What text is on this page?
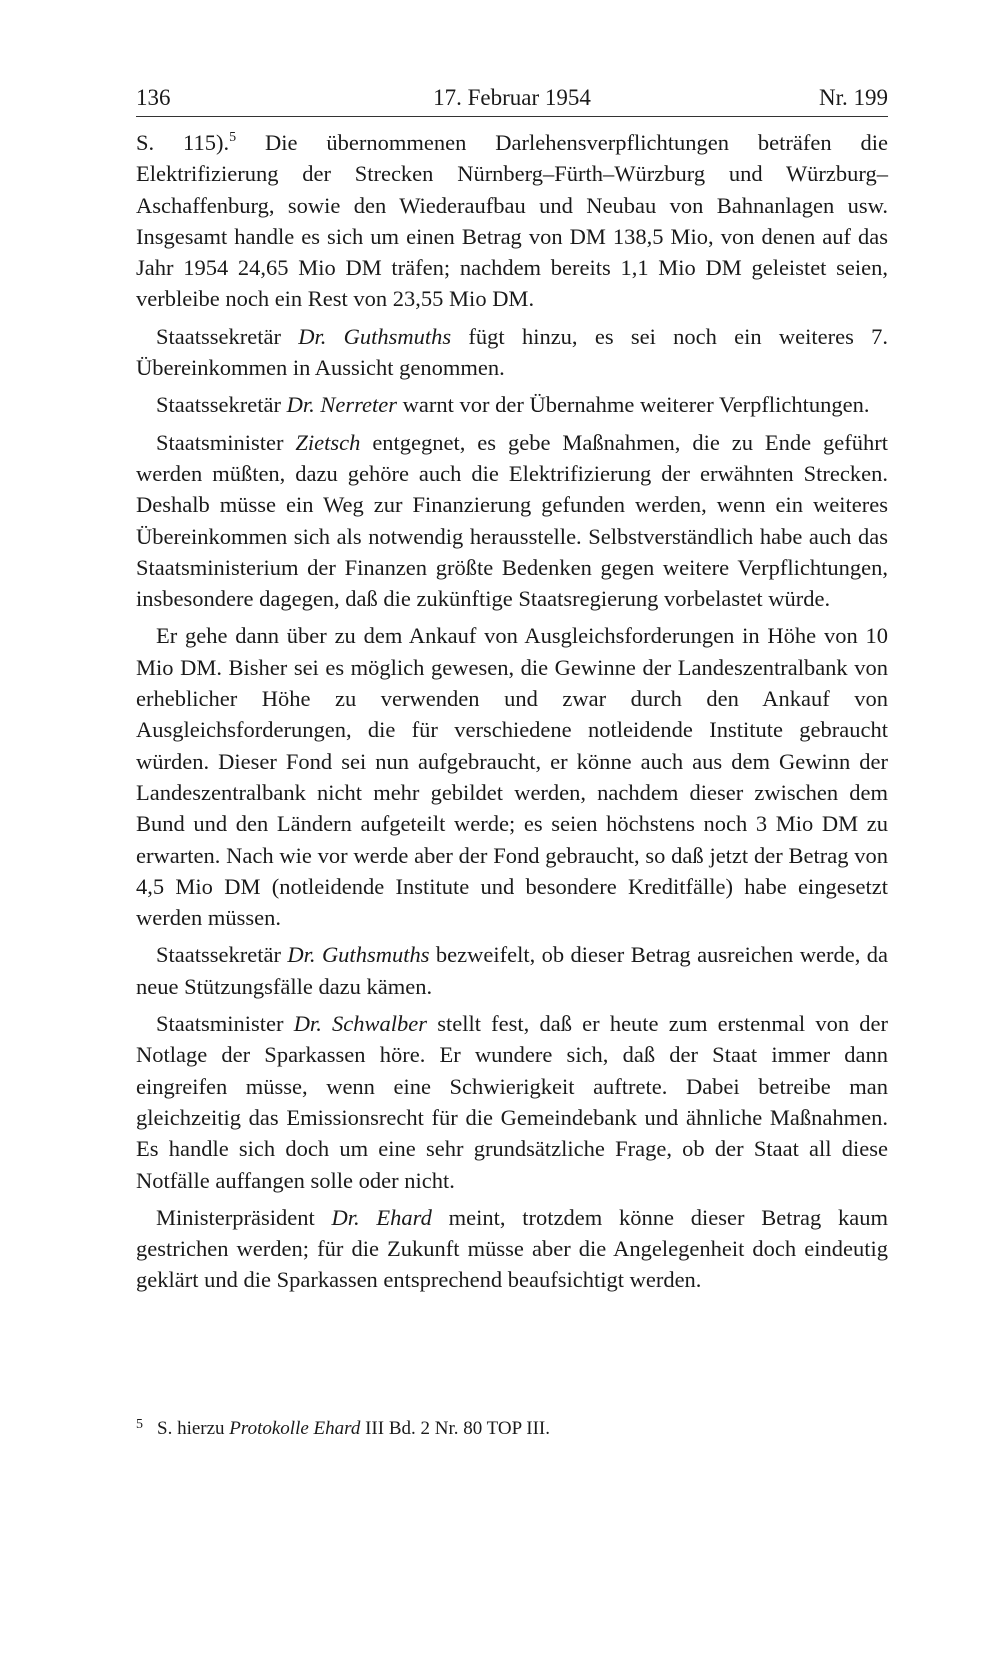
136	17. Februar 1954	Nr. 199

S. 115).$^5$ Die übernommenen Darlehensverpflichtungen beträfen die Elektrifizierung der Strecken Nürnberg–Fürth–Würzburg und Würzburg–Aschaffenburg, sowie den Wiederaufbau und Neubau von Bahnanlagen usw. Insgesamt handle es sich um einen Betrag von DM 138,5 Mio, von denen auf das Jahr 1954 24,65 Mio DM träfen; nachdem bereits 1,1 Mio DM geleistet seien, verbleibe noch ein Rest von 23,55 Mio DM.

Staatssekretär Dr. Guthsmuths fügt hinzu, es sei noch ein weiteres 7. Übereinkommen in Aussicht genommen.

Staatssekretär Dr. Nerreter warnt vor der Übernahme weiterer Verpflichtungen.

Staatsminister Zietsch entgegnet, es gebe Maßnahmen, die zu Ende geführt werden müßten, dazu gehöre auch die Elektrifizierung der erwähnten Strecken. Deshalb müsse ein Weg zur Finanzierung gefunden werden, wenn ein weiteres Übereinkommen sich als notwendig herausstelle. Selbstverständlich habe auch das Staatsministerium der Finanzen größte Bedenken gegen weitere Verpflichtungen, insbesondere dagegen, daß die zukünftige Staatsregierung vorbelastet würde.

Er gehe dann über zu dem Ankauf von Ausgleichsforderungen in Höhe von 10 Mio DM. Bisher sei es möglich gewesen, die Gewinne der Landeszentralbank von erheblicher Höhe zu verwenden und zwar durch den Ankauf von Ausgleichsforderungen, die für verschiedene notleidende Institute gebraucht würden. Dieser Fond sei nun aufgebraucht, er könne auch aus dem Gewinn der Landeszentralbank nicht mehr gebildet werden, nachdem dieser zwischen dem Bund und den Ländern aufgeteilt werde; es seien höchstens noch 3 Mio DM zu erwarten. Nach wie vor werde aber der Fond gebraucht, so daß jetzt der Betrag von 4,5 Mio DM (notleidende Institute und besondere Kreditfälle) habe eingesetzt werden müssen.

Staatssekretär Dr. Guthsmuths bezweifelt, ob dieser Betrag ausreichen werde, da neue Stützungsfälle dazu kämen.

Staatsminister Dr. Schwalber stellt fest, daß er heute zum erstenmal von der Notlage der Sparkassen höre. Er wundere sich, daß der Staat immer dann eingreifen müsse, wenn eine Schwierigkeit auftrete. Dabei betreibe man gleichzeitig das Emissionsrecht für die Gemeindebank und ähnliche Maßnahmen. Es handle sich doch um eine sehr grundsätzliche Frage, ob der Staat all diese Notfälle auffangen solle oder nicht.

Ministerpräsident Dr. Ehard meint, trotzdem könne dieser Betrag kaum gestrichen werden; für die Zukunft müsse aber die Angelegenheit doch eindeutig geklärt und die Sparkassen entsprechend beaufsichtigt werden.

$^5$ S. hierzu Protokolle Ehard III Bd. 2 Nr. 80 TOP III.
